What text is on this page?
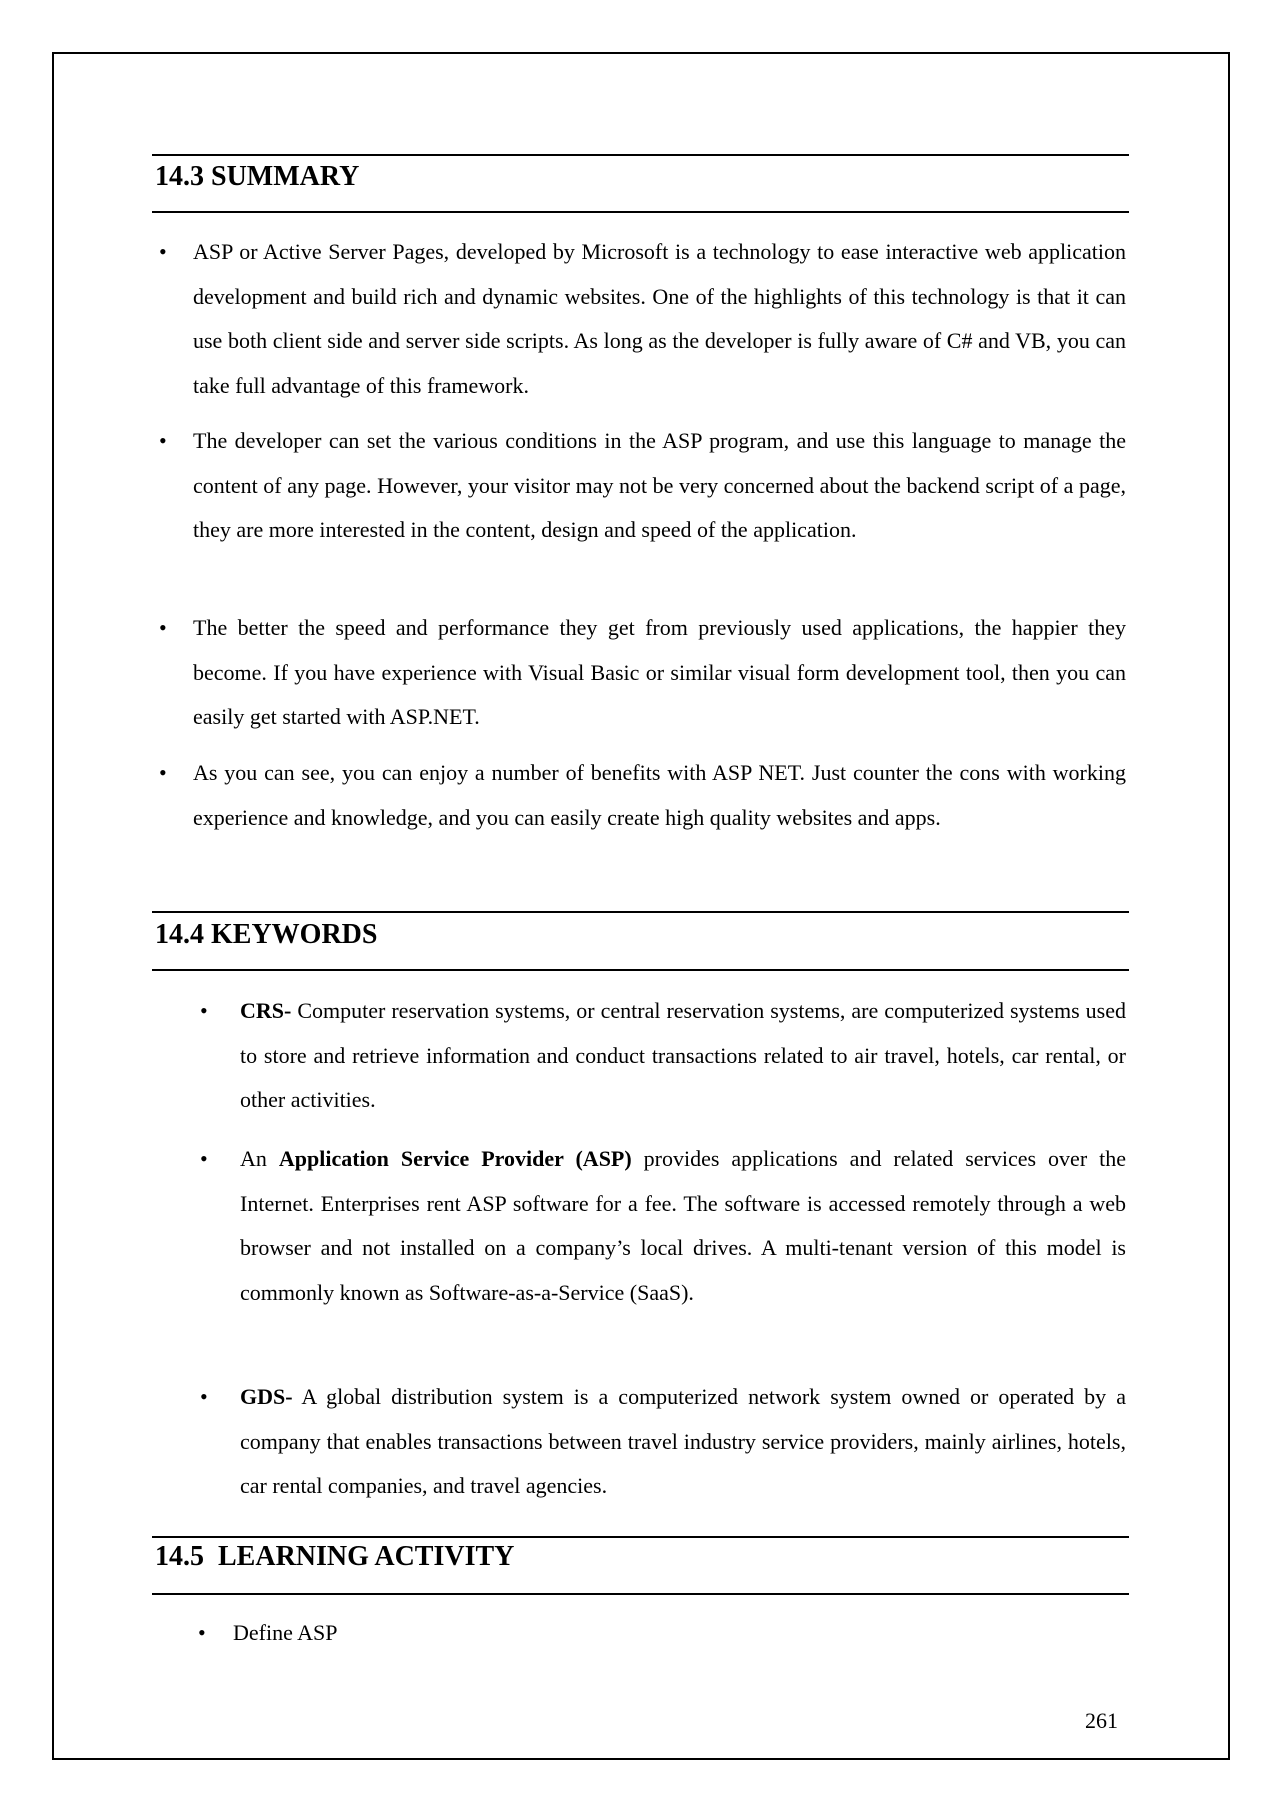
14.3 SUMMARY
• ASP or Active Server Pages, developed by Microsoft is a technology to ease interactive web application development and build rich and dynamic websites. One of the highlights of this technology is that it can use both client side and server side scripts. As long as the developer is fully aware of C# and VB, you can take full advantage of this framework.
• The developer can set the various conditions in the ASP program, and use this language to manage the content of any page. However, your visitor may not be very concerned about the backend script of a page, they are more interested in the content, design and speed of the application.
• The better the speed and performance they get from previously used applications, the happier they become. If you have experience with Visual Basic or similar visual form development tool, then you can easily get started with ASP.NET.
• As you can see, you can enjoy a number of benefits with ASP NET. Just counter the cons with working experience and knowledge, and you can easily create high quality websites and apps.
14.4 KEYWORDS
• CRS- Computer reservation systems, or central reservation systems, are computerized systems used to store and retrieve information and conduct transactions related to air travel, hotels, car rental, or other activities.
• An Application Service Provider (ASP) provides applications and related services over the Internet. Enterprises rent ASP software for a fee. The software is accessed remotely through a web browser and not installed on a company’s local drives. A multi-tenant version of this model is commonly known as Software-as-a-Service (SaaS).
• GDS- A global distribution system is a computerized network system owned or operated by a company that enables transactions between travel industry service providers, mainly airlines, hotels, car rental companies, and travel agencies.
14.5  LEARNING ACTIVITY
• Define ASP
261
